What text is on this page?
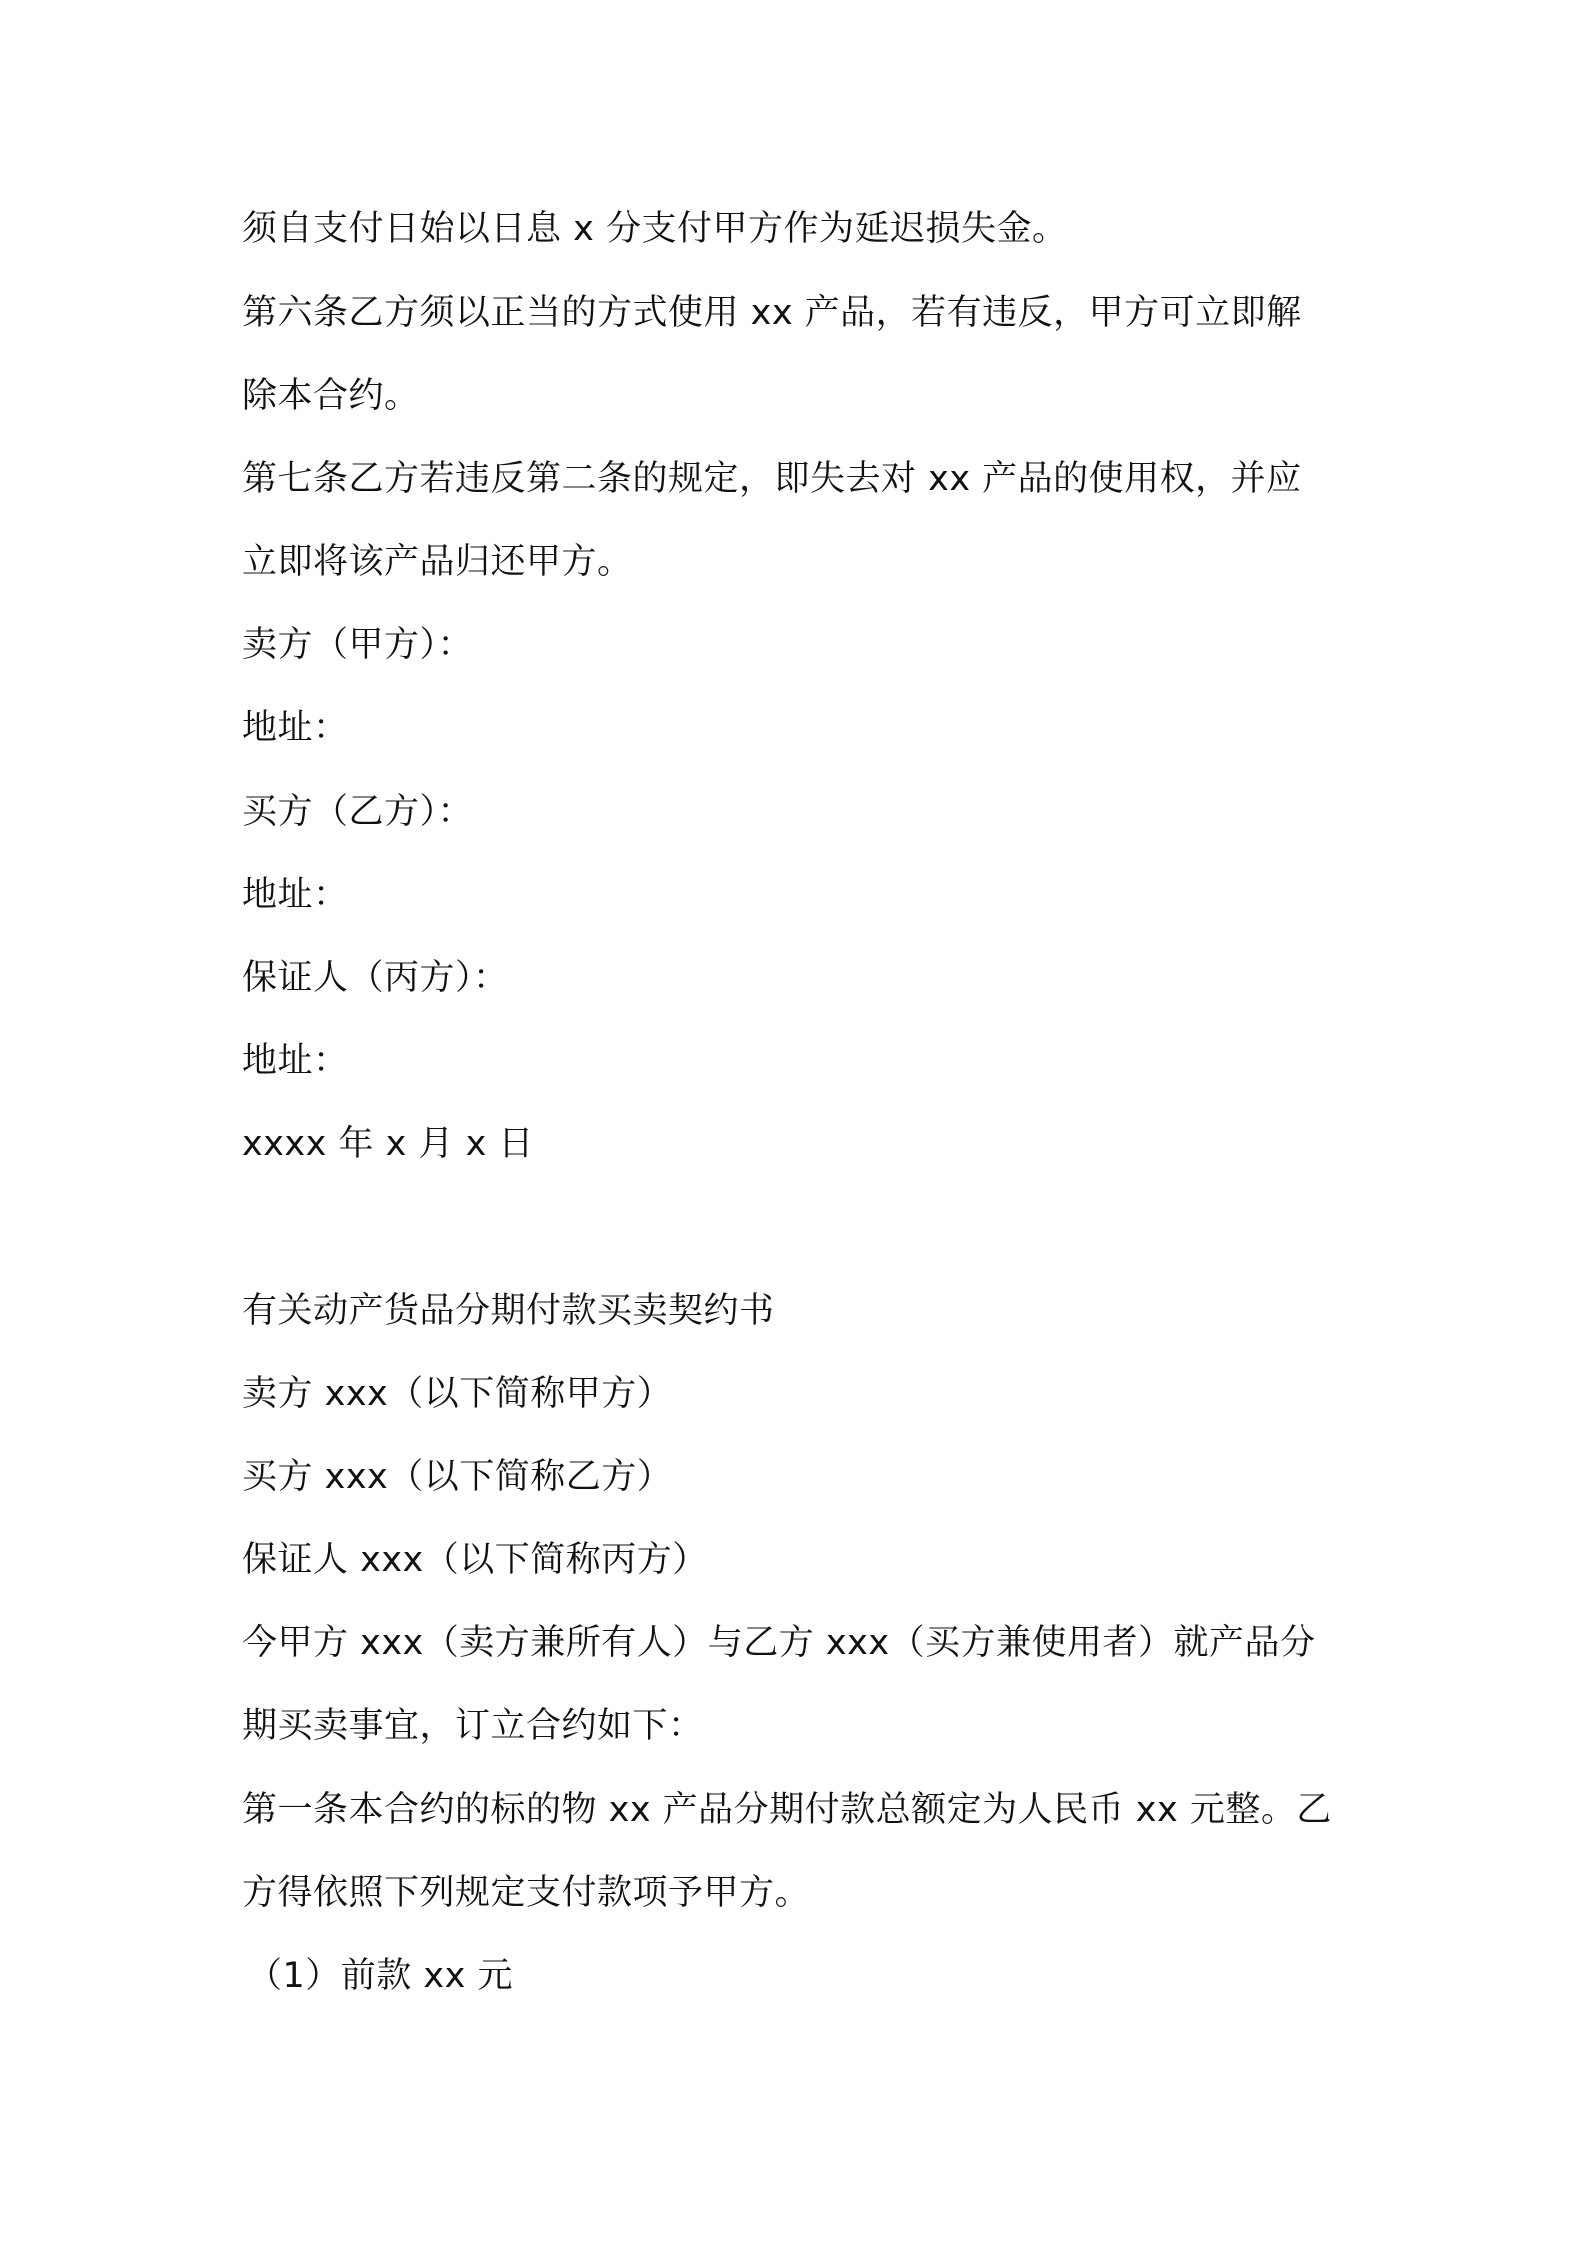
须自支付日始以日息 x 分支付甲方作为延迟损失金。
第六条乙方须以正当的方式使用 xx 产品，若有违反，甲方可立即解
除本合约。
第七条乙方若违反第二条的规定，即失去对 xx 产品的使用权，并应
立即将该产品归还甲方。
卖方（甲方）：
地址：
买方（乙方）：
地址：
保证人（丙方）：
地址：
xxxx 年 x 月 x 日
有关动产货品分期付款买卖契约书
卖方 xxx（以下简称甲方）
买方 xxx（以下简称乙方）
保证人 xxx（以下简称丙方）
今甲方 xxx（卖方兼所有人）与乙方 xxx（买方兼使用者）就产品分
期买卖事宜，订立合约如下：
第一条本合约的标的物 xx 产品分期付款总额定为人民币 xx 元整。乙
方得依照下列规定支付款项予甲方。
（1）前款 xx 元
